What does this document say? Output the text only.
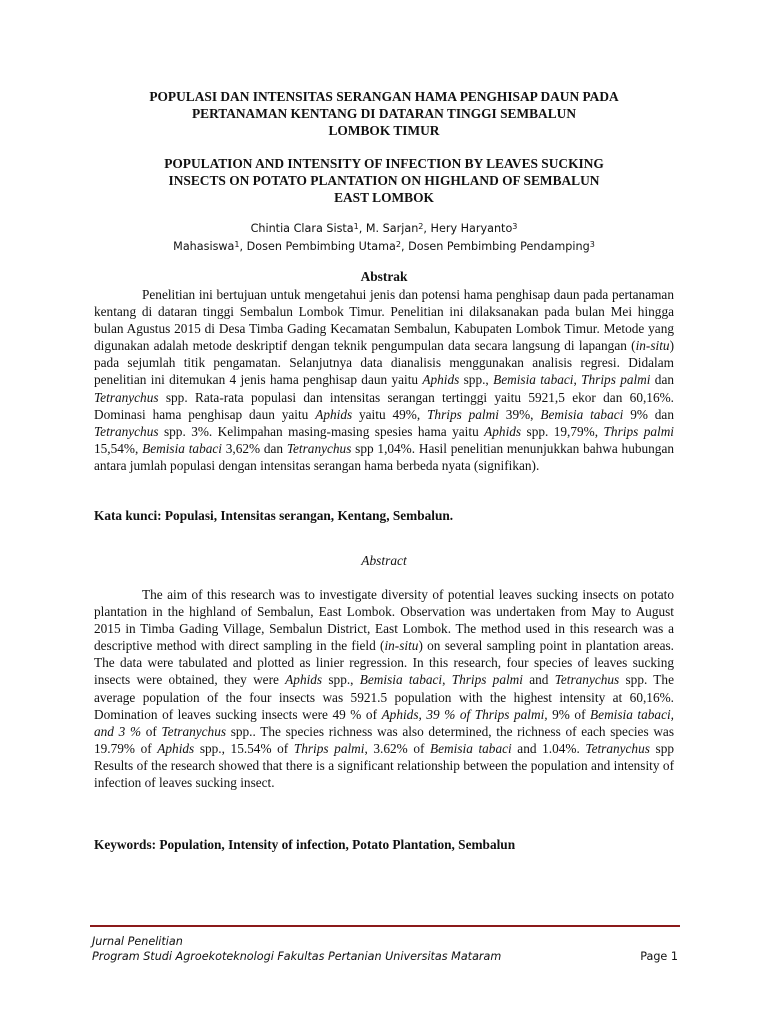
POPULASI DAN INTENSITAS SERANGAN HAMA PENGHISAP DAUN PADA
PERTANAMAN KENTANG DI DATARAN TINGGI SEMBALUN
LOMBOK TIMUR

POPULATION AND INTENSITY OF INFECTION BY LEAVES SUCKING
INSECTS ON POTATO PLANTATION ON HIGHLAND OF SEMBALUN
EAST LOMBOK

Chintia Clara Sista$^1$, M. Sarjan$^2$, Hery Haryanto$^3$

Mahasiswa$^1$, Dosen Pembimbing Utama$^2$, Dosen Pembimbing Pendamping$^3$

Abstrak

Penelitian ini bertujuan untuk mengetahui jenis dan potensi hama penghisap daun pada pertanaman kentang di dataran tinggi Sembalun Lombok Timur. Penelitian ini dilaksanakan pada bulan Mei hingga bulan Agustus 2015 di Desa Timba Gading Kecamatan Sembalun, Kabupaten Lombok Timur. Metode yang digunakan adalah metode deskriptif dengan teknik pengumpulan data secara langsung di lapangan (in-situ) pada sejumlah titik pengamatan. Selanjutnya data dianalisis menggunakan analisis regresi. Didalam penelitian ini ditemukan 4 jenis hama penghisap daun yaitu Aphids spp., Bemisia tabaci, Thrips palmi dan Tetranychus spp. Rata-rata populasi dan intensitas serangan tertinggi yaitu 5921,5 ekor dan 60,16%. Dominasi hama penghisap daun yaitu Aphids yaitu 49%, Thrips palmi 39%, Bemisia tabaci 9% dan Tetranychus spp. 3%. Kelimpahan masing-masing spesies hama yaitu Aphids spp. 19,79%, Thrips palmi 15,54%, Bemisia tabaci 3,62% dan Tetranychus spp 1,04%. Hasil penelitian menunjukkan bahwa hubungan antara jumlah populasi dengan intensitas serangan hama berbeda nyata (signifikan).

Kata kunci: Populasi, Intensitas serangan, Kentang, Sembalun.

Abstract

The aim of this research was to investigate diversity of potential leaves sucking insects on potato plantation in the highland of Sembalun, East Lombok. Observation was undertaken from May to August 2015 in Timba Gading Village, Sembalun District, East Lombok. The method used in this research was a descriptive method with direct sampling in the field (in-situ) on several sampling point in plantation areas. The data were tabulated and plotted as linier regression. In this research, four species of leaves sucking insects were obtained, they were Aphids spp., Bemisia tabaci, Thrips palmi and Tetranychus spp. The average population of the four insects was 5921.5 population with the highest intensity at 60,16%. Domination of leaves sucking insects were 49 % of Aphids, 39 % of Thrips palmi, 9% of Bemisia tabaci, and 3 % of Tetranychus spp.. The species richness was also determined, the richness of each species was 19.79% of Aphids spp., 15.54% of Thrips palmi, 3.62% of Bemisia tabaci and 1.04%. Tetranychus spp Results of the research showed that there is a significant relationship between the population and intensity of infection of leaves sucking insect.

Keywords: Population, Intensity of infection, Potato Plantation, Sembalun

Jurnal Penelitian

Program Studi Agroekoteknologi Fakultas Pertanian Universitas Mataram	Page 1
